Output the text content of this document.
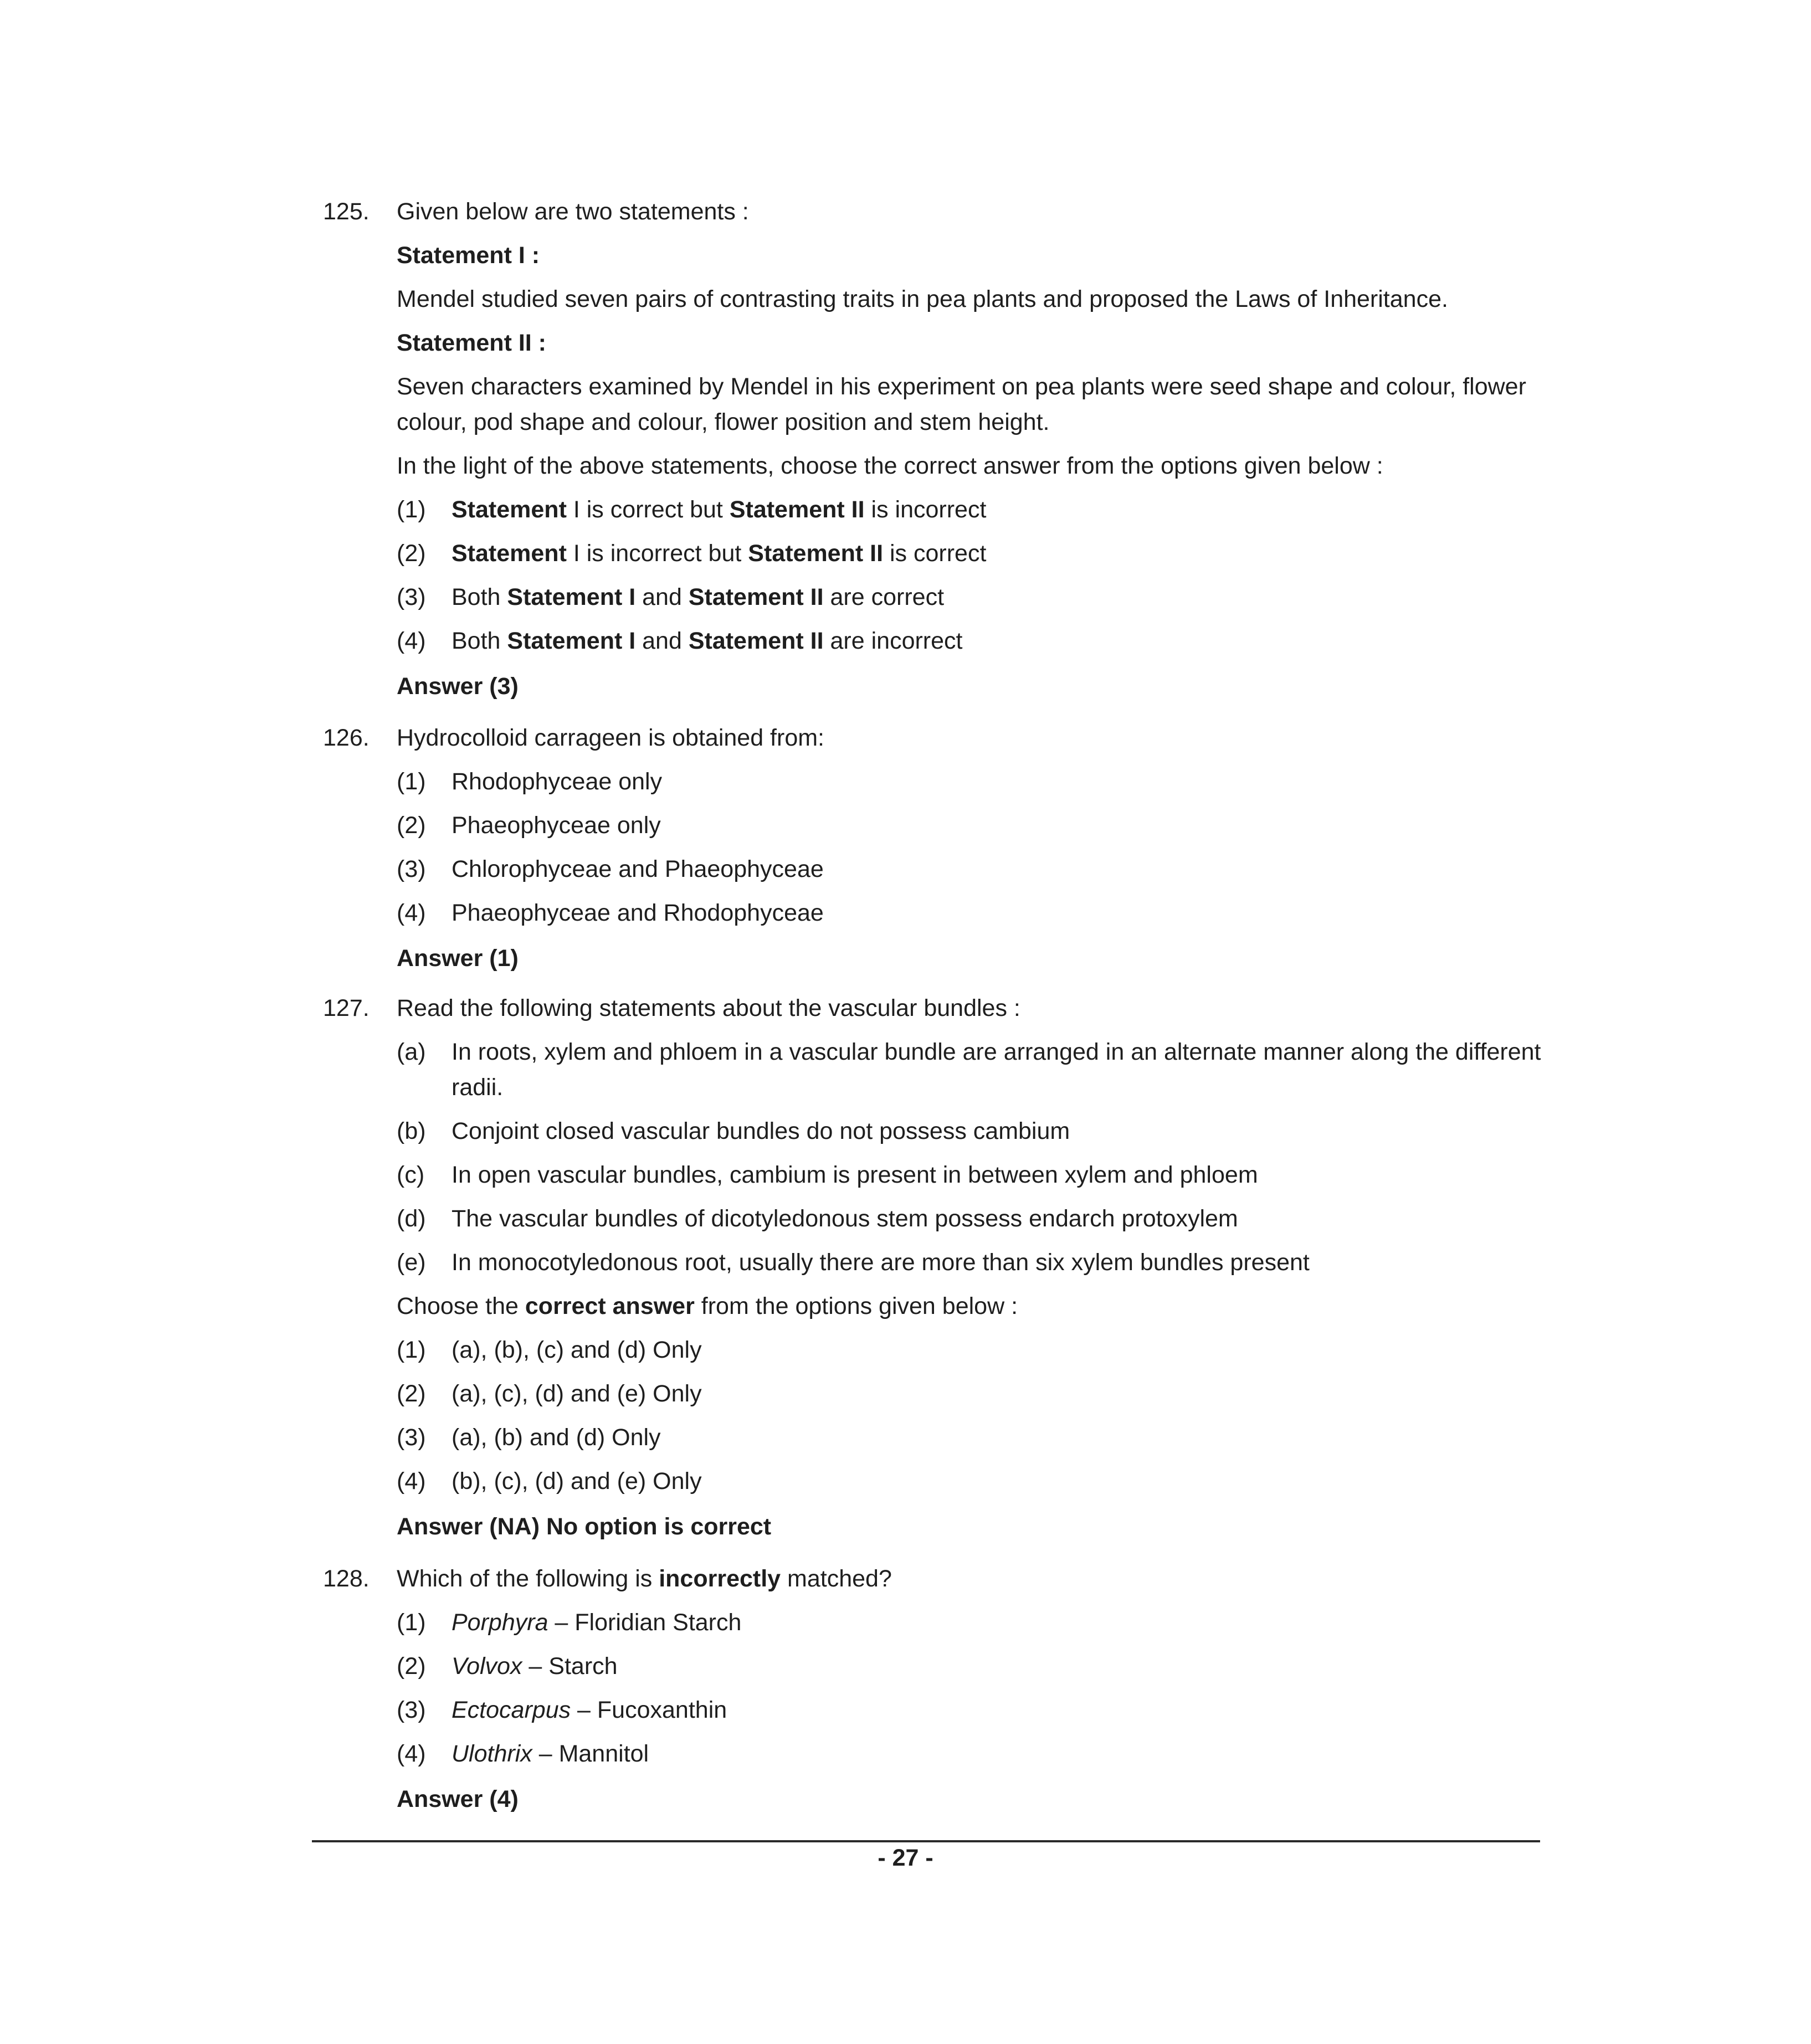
125.	Given below are two statements :

Statement I :

Mendel studied seven pairs of contrasting traits in pea plants and proposed the Laws of Inheritance.

Statement II :

Seven characters examined by Mendel in his experiment on pea plants were seed shape and colour, flower colour, pod shape and colour, flower position and stem height.

In the light of the above statements, choose the correct answer from the options given below :

(1)	Statement I is correct but Statement II is incorrect
(2)	Statement I is incorrect but Statement II is correct
(3)	Both Statement I and Statement II are correct
(4)	Both Statement I and Statement II are incorrect

Answer (3)

126.	Hydrocolloid carrageen is obtained from:

(1)	Rhodophyceae only
(2)	Phaeophyceae only
(3)	Chlorophyceae and Phaeophyceae
(4)	Phaeophyceae and Rhodophyceae

Answer (1)

127.	Read the following statements about the vascular bundles :

(a)	In roots, xylem and phloem in a vascular bundle are arranged in an alternate manner along the different radii.
(b)	Conjoint closed vascular bundles do not possess cambium
(c)	In open vascular bundles, cambium is present in between xylem and phloem
(d)	The vascular bundles of dicotyledonous stem possess endarch protoxylem
(e)	In monocotyledonous root, usually there are more than six xylem bundles present

Choose the correct answer from the options given below :

(1)	(a), (b), (c) and (d) Only
(2)	(a), (c), (d) and (e) Only
(3)	(a), (b) and (d) Only
(4)	(b), (c), (d) and (e) Only

Answer (NA) No option is correct

128.	Which of the following is incorrectly matched?

(1)	Porphyra – Floridian Starch
(2)	Volvox – Starch
(3)	Ectocarpus – Fucoxanthin
(4)	Ulothrix – Mannitol

Answer (4)

- 27 -
